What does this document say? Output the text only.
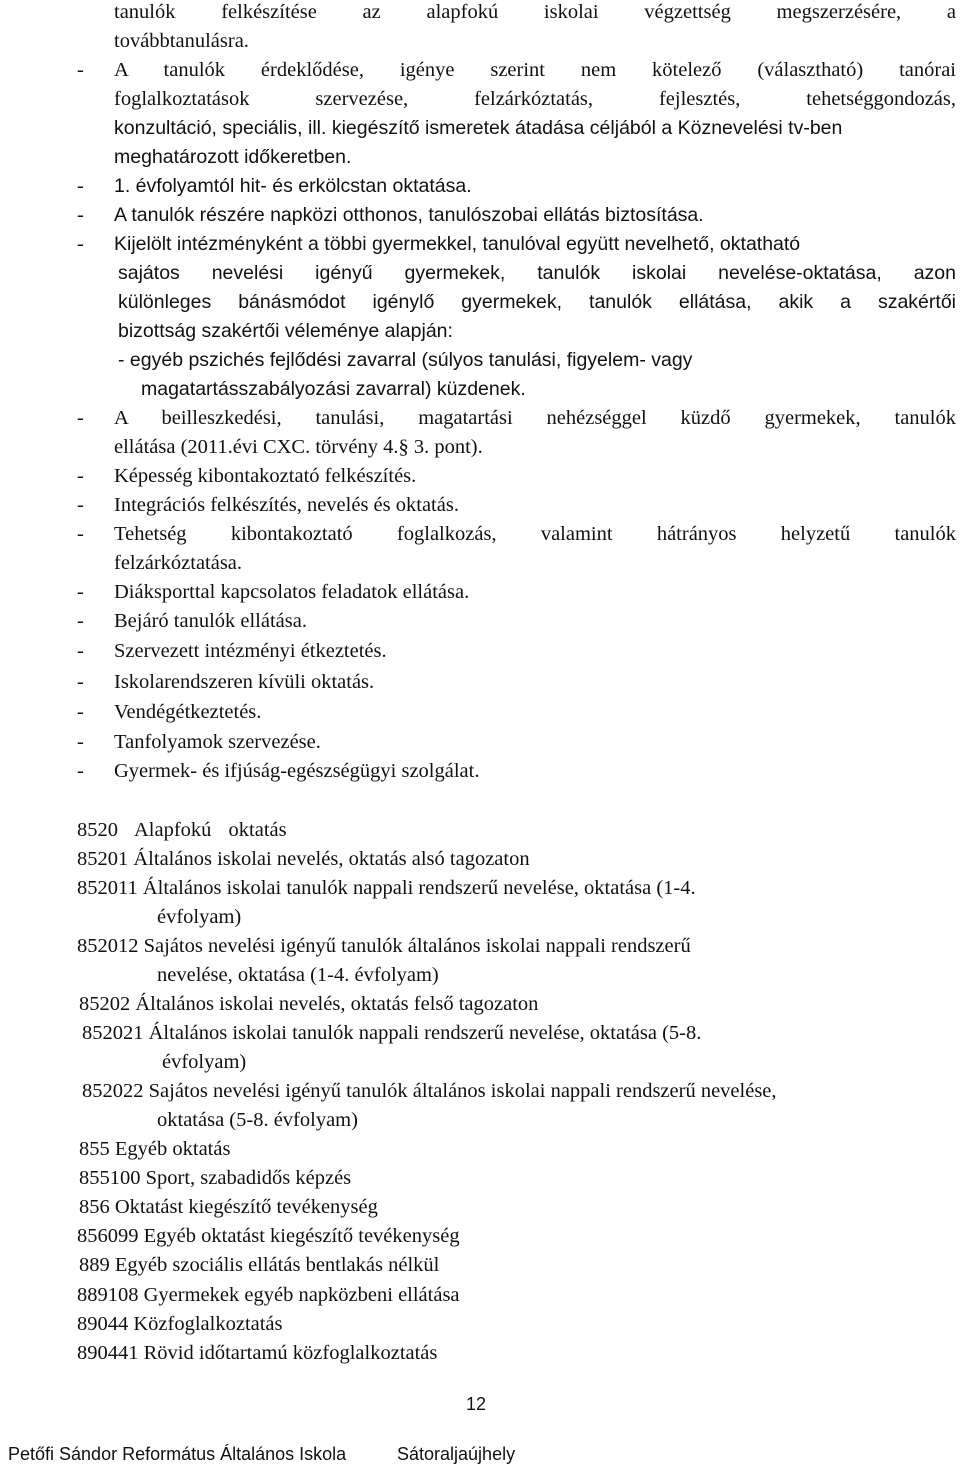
tanulók felkészítése az alapfokú iskolai végzettség megszerzésére, a
továbbtanulásra.
- A tanulók érdeklődése, igénye szerint nem kötelező (választható) tanórai
foglalkoztatások szervezése, felzárkóztatás, fejlesztés, tehetséggondozás,
konzultáció, speciális, ill. kiegészítő ismeretek átadása céljából a Köznevelési tv-ben
meghatározott időkeretben.
- 1. évfolyamtól hit- és erkölcstan oktatása.
- A tanulók részére napközi otthonos, tanulószobai ellátás biztosítása.
- Kijelölt intézményként a többi gyermekkel, tanulóval együtt nevelhető, oktatható
sajátos nevelési igényű gyermekek, tanulók iskolai nevelése-oktatása, azon
különleges bánásmódot igénylő gyermekek, tanulók ellátása, akik a szakértői
bizottság szakértői véleménye alapján:
- egyéb pszichés fejlődési zavarral (súlyos tanulási, figyelem- vagy
magatartásszabályozási zavarral) küzdenek.
- A beilleszkedési, tanulási, magatartási nehézséggel küzdő gyermekek, tanulók
ellátása (2011.évi CXC. törvény 4.§ 3. pont).
- Képesség kibontakoztató felkészítés.
- Integrációs felkészítés, nevelés és oktatás.
- Tehetség kibontakoztató foglalkozás, valamint hátrányos helyzetű tanulók
felzárkóztatása.
- Diáksporttal kapcsolatos feladatok ellátása.
- Bejáró tanulók ellátása.
- Szervezett intézményi étkeztetés.
- Iskolarendszeren kívüli oktatás.
- Vendégétkeztetés.
- Tanfolyamok szervezése.
- Gyermek- és ifjúság-egészségügyi szolgálat.
8520 Alapfokú oktatás
85201 Általános iskolai nevelés, oktatás alsó tagozaton
852011 Általános iskolai tanulók nappali rendszerű nevelése, oktatása (1-4.
évfolyam)
852012 Sajátos nevelési igényű tanulók általános iskolai nappali rendszerű
nevelése, oktatása (1-4. évfolyam)
85202 Általános iskolai nevelés, oktatás felső tagozaton
852021 Általános iskolai tanulók nappali rendszerű nevelése, oktatása (5-8.
évfolyam)
852022 Sajátos nevelési igényű tanulók általános iskolai nappali rendszerű nevelése,
oktatása (5-8. évfolyam)
855 Egyéb oktatás
855100 Sport, szabadidős képzés
856 Oktatást kiegészítő tevékenység
856099 Egyéb oktatást kiegészítő tevékenység
889 Egyéb szociális ellátás bentlakás nélkül
889108 Gyermekek egyéb napközbeni ellátása
89044 Közfoglalkoztatás
890441 Rövid időtartamú közfoglalkoztatás
12
Petőfi Sándor Református Általános Iskola	Sátoraljaújhely
